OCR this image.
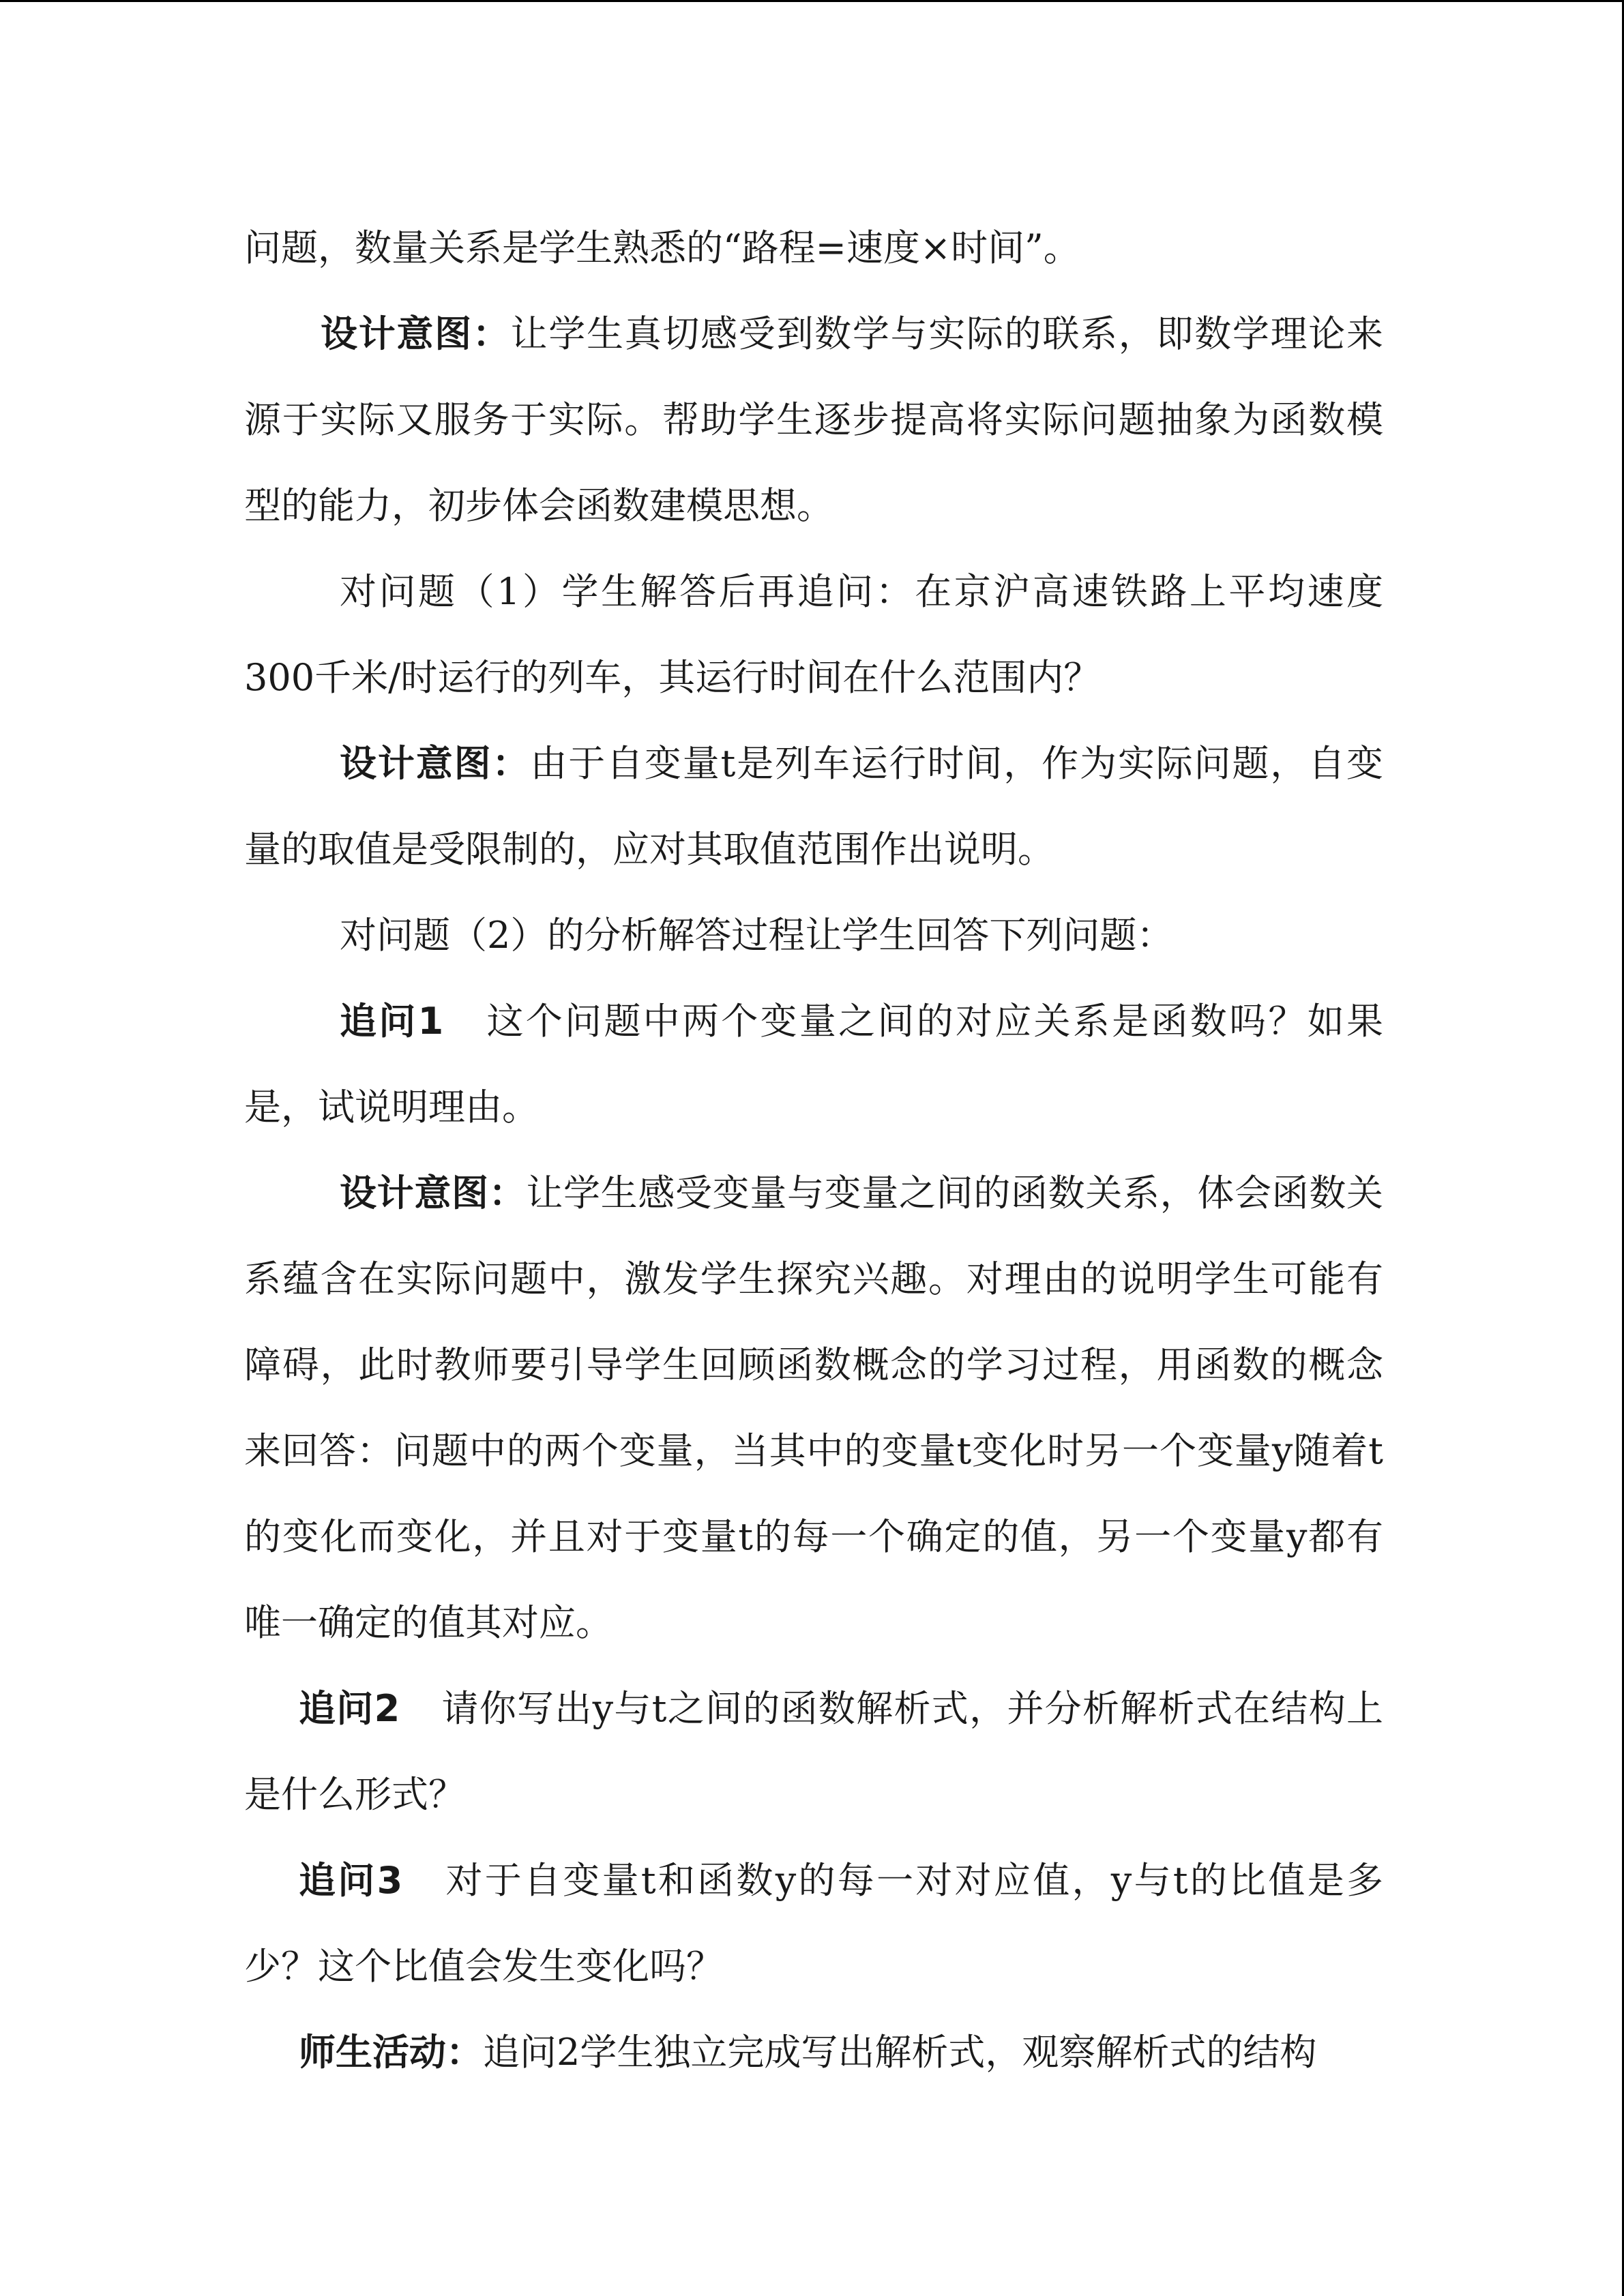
问题，数量关系是学生熟悉的“路程=速度×时间”。

设计意图：让学生真切感受到数学与实际的联系，即数学理论来源于实际又服务于实际。帮助学生逐步提高将实际问题抽象为函数模型的能力，初步体会函数建模思想。

对问题（1）学生解答后再追问：在京沪高速铁路上平均速度300千米/时运行的列车，其运行时间在什么范围内？

设计意图：由于自变量t是列车运行时间，作为实际问题，自变量的取值是受限制的，应对其取值范围作出说明。

对问题（2）的分析解答过程让学生回答下列问题：

追问1 这个问题中两个变量之间的对应关系是函数吗？如果是，试说明理由。

设计意图：让学生感受变量与变量之间的函数关系，体会函数关系蕴含在实际问题中，激发学生探究兴趣。对理由的说明学生可能有障碍，此时教师要引导学生回顾函数概念的学习过程，用函数的概念来回答：问题中的两个变量，当其中的变量t变化时另一个变量y随着t的变化而变化，并且对于变量t的每一个确定的值，另一个变量y都有唯一确定的值其对应。

追问2 请你写出y与t之间的函数解析式，并分析解析式在结构上是什么形式？

追问3 对于自变量t和函数y的每一对对应值，y与t的比值是多少？这个比值会发生变化吗？

师生活动：追问2学生独立完成写出解析式，观察解析式的结构
